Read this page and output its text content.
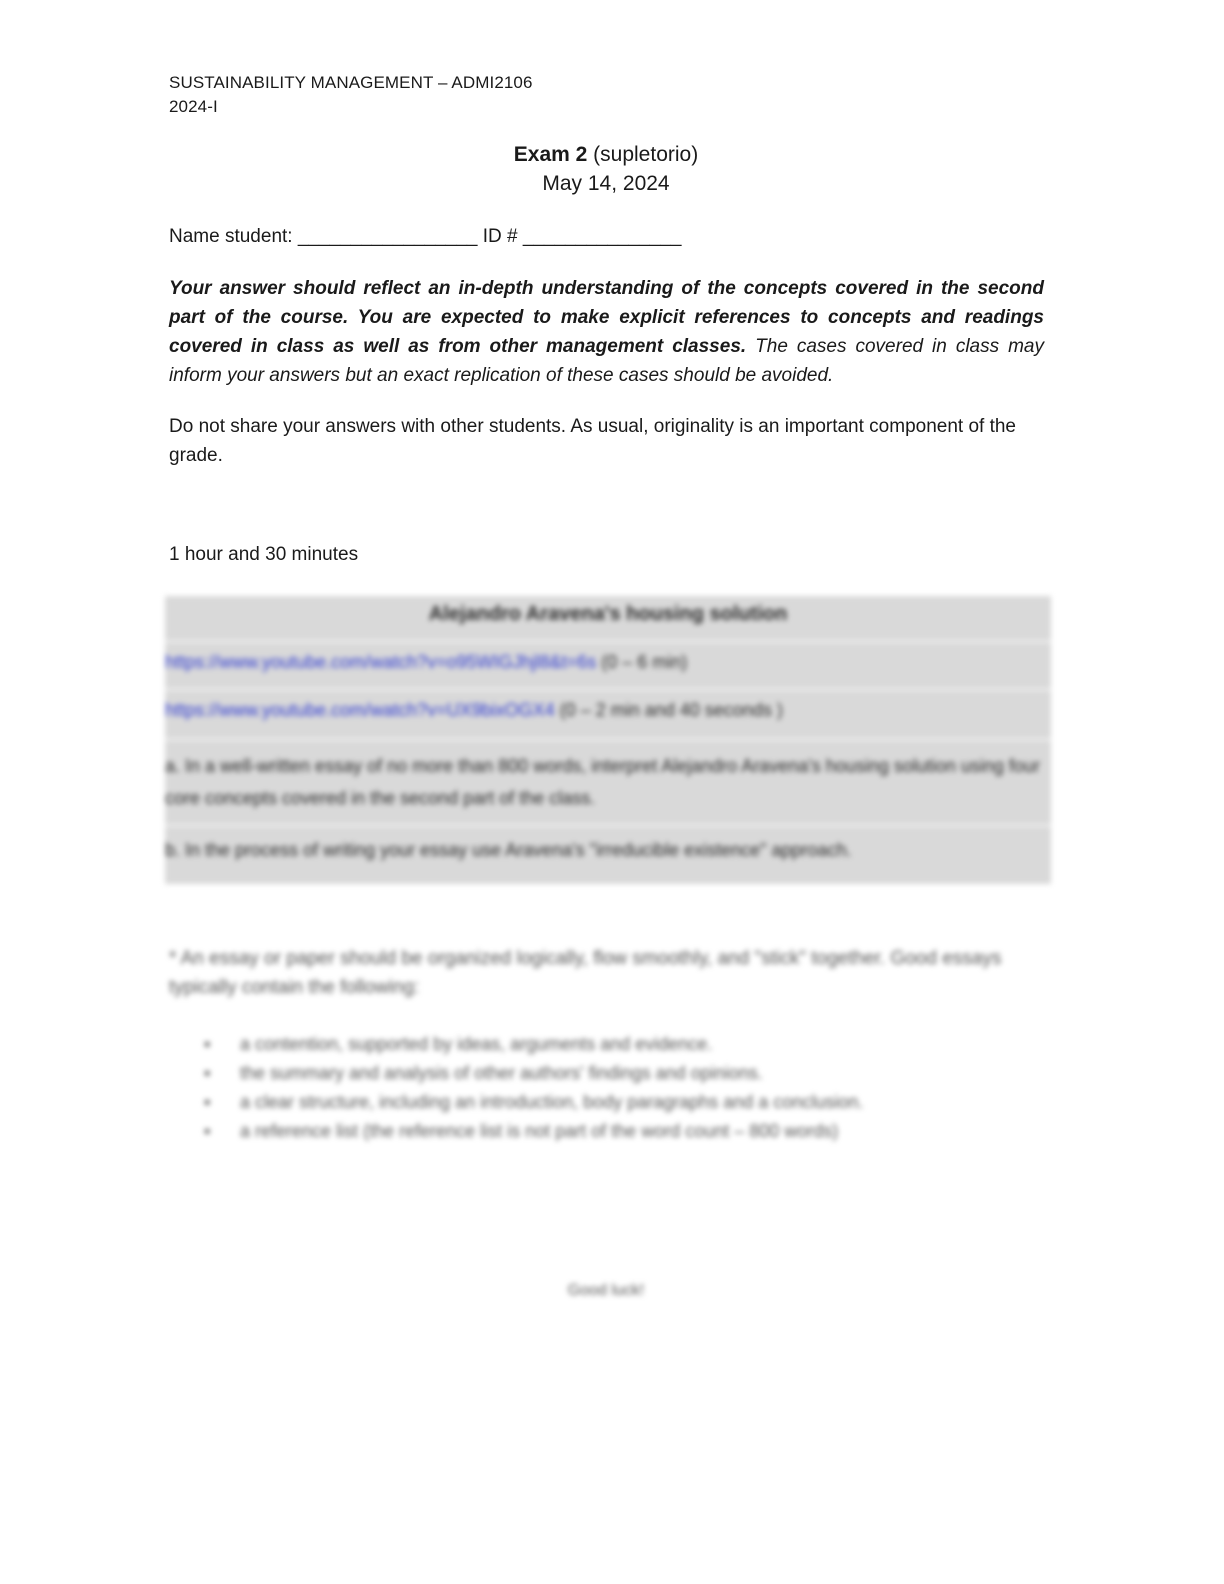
SUSTAINABILITY MANAGEMENT – ADMI2106
2024-I
Exam 2 (supletorio)
May 14, 2024
Name student: _________________ ID # _______________
Your answer should reflect an in-depth understanding of the concepts covered in the second part of the course. You are expected to make explicit references to concepts and readings covered in class as well as from other management classes. The cases covered in class may inform your answers but an exact replication of these cases should be avoided.
Do not share your answers with other students. As usual, originality is an important component of the grade.
1 hour and 30 minutes
Alejandro Aravena's housing solution
https://www.youtube.com/watch?v=o95WIGJhjl8&t=6s (0 – 6 min)
https://www.youtube.com/watch?v=UX9bixOGX4 (0 – 2 min and 40 seconds )
a. In a well-written essay of no more than 800 words, interpret Alejandro Aravena's housing solution using four core concepts covered in the second part of the class.
b. In the process of writing your essay use Aravena's "irreducible existence" approach.
* An essay or paper should be organized logically, flow smoothly, and "stick" together. Good essays typically contain the following:
▪ a contention, supported by ideas, arguments and evidence.
▪ the summary and analysis of other authors' findings and opinions.
▪ a clear structure, including an introduction, body paragraphs and a conclusion.
▪ a reference list (the reference list is not part of the word count – 800 words)
Good luck!
